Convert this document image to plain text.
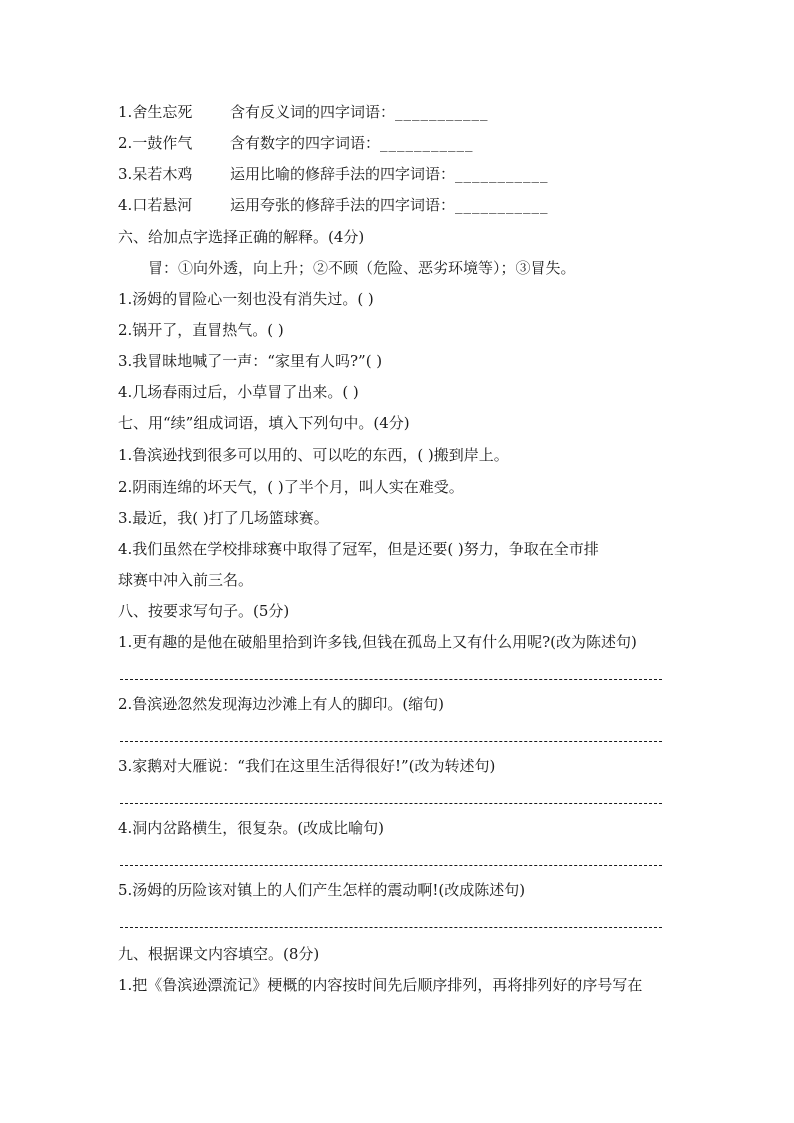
1.舍生忘死	含有反义词的四字词语：___________
2.一鼓作气	含有数字的四字词语：___________
3.呆若木鸡	运用比喻的修辞手法的四字词语：___________
4.口若悬河	运用夸张的修辞手法的四字词语：___________
六、给加点字选择正确的解释。(4分)
冒：①向外透，向上升；②不顾（危险、恶劣环境等）；③冒失。
1.汤姆的冒险心一刻也没有消失过。( )
2.锅开了，直冒热气。( )
3.我冒昧地喊了一声：“家里有人吗?”( )
4.几场春雨过后，小草冒了出来。( )
七、用“续”组成词语，填入下列句中。(4分)
1.鲁滨逊找到很多可以用的、可以吃的东西，( )搬到岸上。
2.阴雨连绵的坏天气，( )了半个月，叫人实在难受。
3.最近，我( )打了几场篮球赛。
4.我们虽然在学校排球赛中取得了冠军，但是还要( )努力，争取在全市排
球赛中冲入前三名。
八、按要求写句子。(5分)
1.更有趣的是他在破船里拾到许多钱,但钱在孤岛上又有什么用呢?(改为陈述句)
2.鲁滨逊忽然发现海边沙滩上有人的脚印。(缩句)
3.家鹅对大雁说：“我们在这里生活得很好!”(改为转述句)
4.洞内岔路横生，很复杂。(改成比喻句)
5.汤姆的历险该对镇上的人们产生怎样的震动啊!(改成陈述句)
九、根据课文内容填空。(8分)
1.把《鲁滨逊漂流记》梗概的内容按时间先后顺序排列，再将排列好的序号写在
